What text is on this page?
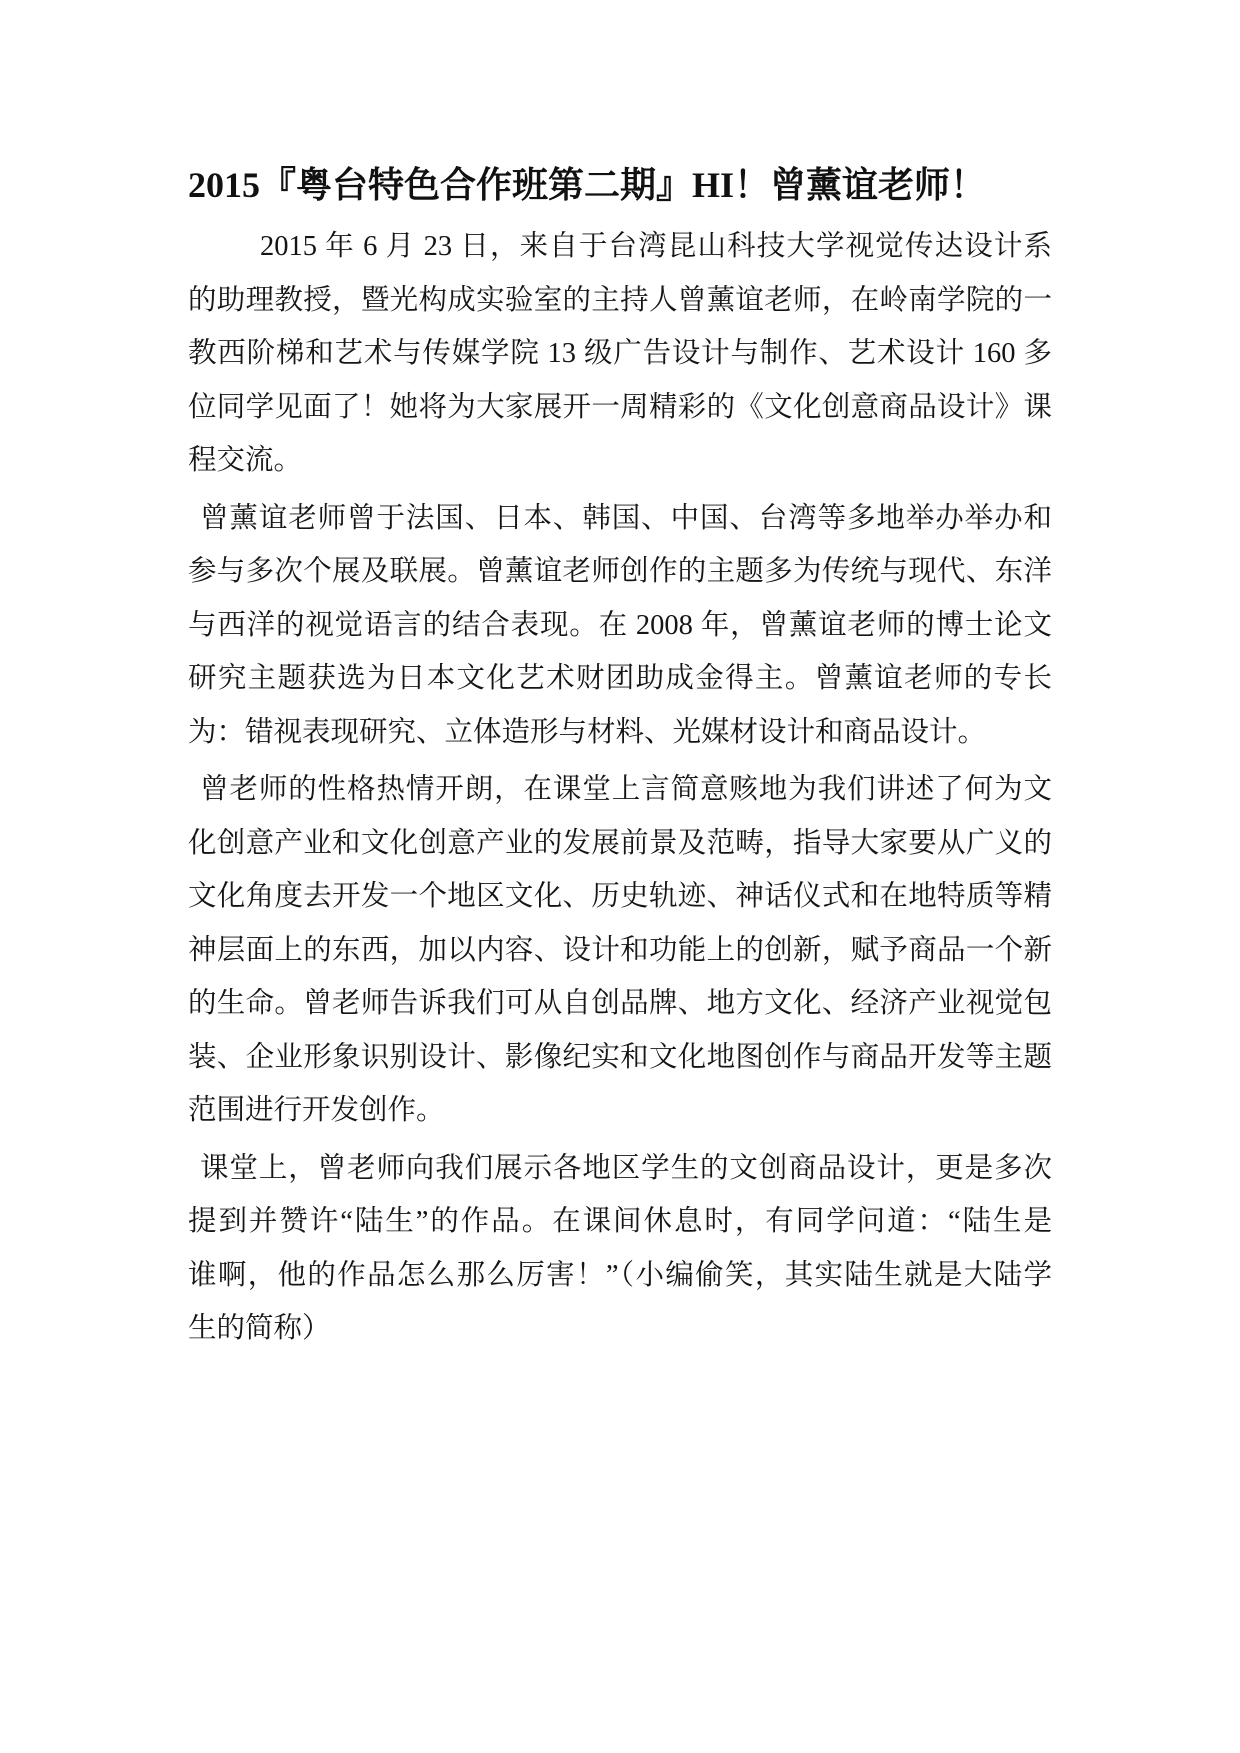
2015『粤台特色合作班第二期』HI！曾薰谊老师！
2015 年 6 月 23 日，来自于台湾昆山科技大学视觉传达设计系
的助理教授，暨光构成实验室的主持人曾薰谊老师，在岭南学院的一
教西阶梯和艺术与传媒学院 13 级广告设计与制作、艺术设计 160 多
位同学见面了！她将为大家展开一周精彩的《文化创意商品设计》课
程交流。
曾薰谊老师曾于法国、日本、韩国、中国、台湾等多地举办举办和
参与多次个展及联展。曾薰谊老师创作的主题多为传统与现代、东洋
与西洋的视觉语言的结合表现。在 2008 年，曾薰谊老师的博士论文
研究主题获选为日本文化艺术财团助成金得主。曾薰谊老师的专长
为：错视表现研究、立体造形与材料、光媒材设计和商品设计。
曾老师的性格热情开朗，在课堂上言简意赅地为我们讲述了何为文
化创意产业和文化创意产业的发展前景及范畴，指导大家要从广义的
文化角度去开发一个地区文化、历史轨迹、神话仪式和在地特质等精
神层面上的东西，加以内容、设计和功能上的创新，赋予商品一个新
的生命。曾老师告诉我们可从自创品牌、地方文化、经济产业视觉包
装、企业形象识别设计、影像纪实和文化地图创作与商品开发等主题
范围进行开发创作。
课堂上，曾老师向我们展示各地区学生的文创商品设计，更是多次
提到并赞许“陆生”的作品。在课间休息时，有同学问道：“陆生是
谁啊，他的作品怎么那么厉害！”（小编偷笑，其实陆生就是大陆学
生的简称）
